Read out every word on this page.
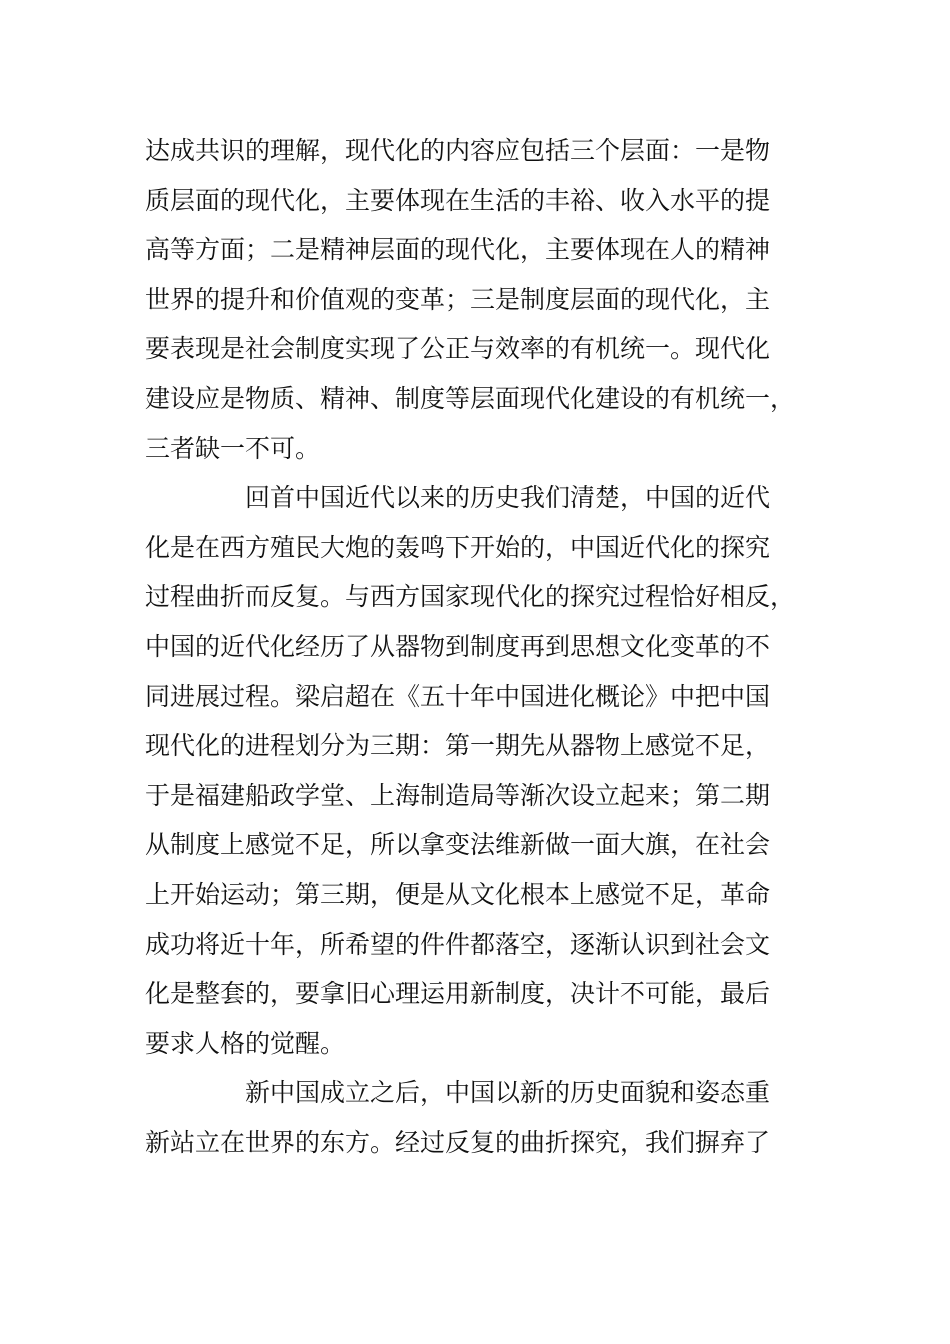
达成共识的理解，现代化的内容应包括三个层面：一是物
质层面的现代化，主要体现在生活的丰裕、收入水平的提
高等方面；二是精神层面的现代化，主要体现在人的精神
世界的提升和价值观的变革；三是制度层面的现代化，主
要表现是社会制度实现了公正与效率的有机统一。现代化
建设应是物质、精神、制度等层面现代化建设的有机统一，
三者缺一不可。
回首中国近代以来的历史我们清楚，中国的近代
化是在西方殖民大炮的轰鸣下开始的，中国近代化的探究
过程曲折而反复。与西方国家现代化的探究过程恰好相反，
中国的近代化经历了从器物到制度再到思想文化变革的不
同进展过程。梁启超在《五十年中国进化概论》中把中国
现代化的进程划分为三期：第一期先从器物上感觉不足，
于是福建船政学堂、上海制造局等渐次设立起来；第二期
从制度上感觉不足，所以拿变法维新做一面大旗，在社会
上开始运动；第三期，便是从文化根本上感觉不足，革命
成功将近十年，所希望的件件都落空，逐渐认识到社会文
化是整套的，要拿旧心理运用新制度，决计不可能，最后
要求人格的觉醒。
新中国成立之后，中国以新的历史面貌和姿态重
新站立在世界的东方。经过反复的曲折探究，我们摒弃了
